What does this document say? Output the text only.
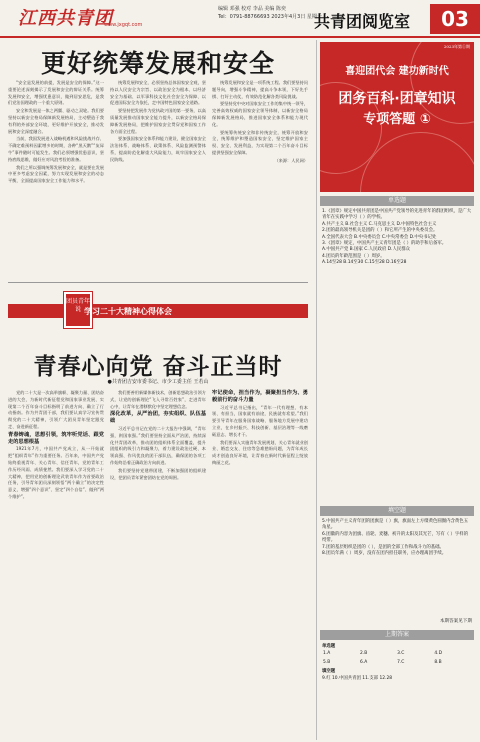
江西共青团
www.jxgqt.com
编辑 邓强 校对 李品 美编 陈奕
Tel：0791-88766693 2023年4月3日 星期一
共青团阅览室	03
更好统筹发展和安全

“安全是发展的前提，发展是安全的保障。”这一重要论述深刻揭示了发展和安全的辩证关系。统筹发展和安全，增强忧患意识，做到居安思危，是我们党治国理政的一个重大原则。

安全和发展是一体之两翼、驱动之双轮。我们要坚持以新安全格局保障新发展格局，主动塑造于我有利的外部安全环境，更好维护开放安全，推动发展和安全深度融合。

当前，我国发展进入战略机遇和风险挑战并存、不确定难预料因素增多的时期，各种“黑天鹅”“灰犀牛”事件随时可能发生。我们必须增强忧患意识，坚持底线思维，做好应对风浪考验的准备。

我们之所以强调统筹发展和安全，就是要在发展中更多考虑安全因素，努力实现发展和安全的动态平衡，全面提高国家安全工作能力和水平。

统筹发展和安全，必须坚持总体国家安全观，坚持以人民安全为宗旨、以政治安全为根本、以经济安全为基础、以军事科技文化社会安全为保障、以促进国际安全为依托，走中国特色国家安全道路。

要坚持把发展作为党执政兴国的第一要务，以高质量发展推动国家安全能力提升，以新安全格局保障新发展格局，把维护国家安全贯穿党和国家工作各方面全过程。

要加强国家安全体系和能力建设，健全国家安全法治体系、战略体系、政策体系、风险监测预警体系，提高防范化解重大风险能力，筑牢国家安全人民防线。

统筹发展和安全是一项系统工程。我们要坚持问题导向，增强斗争精神，提高斗争本领，下好先手棋、打好主动仗，有效防范化解各类风险挑战。

要坚持党中央对国家安全工作的集中统一领导，完善高效权威的国家安全领导体制，以新安全格局保障新发展格局，推进国家安全体系和能力现代化。

要统筹传统安全和非传统安全，统筹开放和安全，统筹维护和塑造国家安全，坚定维护国家主权、安全、发展利益，为实现第二个百年奋斗目标提供坚强安全保障。

（来源：人民网）

团员青年说 学习二十大精神心得体会
青春心向党 奋斗正当时
●共青团吉安市委书记、市少工委主任 王若山

党的二十大是一次高举旗帜、凝聚力量、团结奋进的大会，为新时代新征程党和国家事业发展、实现第二个百年奋斗目标指明了前进方向、确立了行动指南。作为共青团干部，我们要认真学习宣传贯彻党的二十大精神，引领广大团员青年坚定跟党走、奋进新征程。

青春铸魂，思想引领，筑牢听党话、跟党走的思想根基

1921年7月，中国共产党成立，从一开始就把“组织青年”作为重要任务。百年来，中国共产党始终重视青年、关心青年、信任青年，党的青年工作历经风雨、成绩斐然。我们要深入学习党的二十大精神，把用党的创新理论武装青年作为首要政治任务，引导青年团员深刻领悟“两个确立”的决定性意义，增强“四个意识”、坚定“四个自信”、做到“两个维护”。

我们要善用新媒体新技术，创新思想政治引领方式，让党的创新理论“飞入寻常百姓家”，走进青年心中，让青年在潜移默化中坚定理想信念。

深化改革，从严治团，夯实组织、队伍基础

习近平总书记在党的二十大报告中强调，“青年强，则国家强。”我们要坚持全面从严治团，持续深化共青团改革，推动团的组织体系全面覆盖，提升团组织的吸引力和凝聚力，着力建设政治过硬、本领高强、作风优良的团干部队伍，确保团的各项工作始终沿着正确政治方向前进。

我们要坚持党建带团建，不断加强团的组织建设，把团员青年紧密团结在党的周围。

牢记使命，担当作为，凝聚担当作为、勇毅前行的奋斗力量

习近平总书记指出，“青年一代有理想、有本领、有担当，国家就有前途，民族就有希望。”我们要引导青年在服务国家战略、服务地方发展中建功立业，在乡村振兴、科技创新、基层治理等一线磨砺意志、增长才干。

我们要深入实施青年发展规划，关心青年就业创业、婚恋交友、住房等急难愁盼问题，为青年成长成才创造良好环境，让青春在新时代新征程上绽放绚丽之花。

2023年第①期
喜迎团代会 建功新时代
团务百科·团章知识
专项答题 ①
单选题
1.《团章》规定中国共青团是中国共产党领导的先进青年的群团组织，是广大青年在实践中学习（ ）的学校。
A.共产主义 B.社会主义 C.马克思主义 D.中国特色社会主义
2.团的最高领导机关是团的（ ）和它所产生的中央委员会。
A.全国代表大会 B.中央委员会 C.中央常委会 D.中央书记处
3.《团章》规定，中国共产主义青年团是（ ）的助手和后备军。
A.中国共产党 B.国家 C.人民政府 D.人民群众
4.团员的年龄范围是（ ）周岁。
A.14至28 B.14至30 C.15至28 D.16至28
填空题
5.中国共产主义青年团的团旗是（ ）旗，旗面左上方缀黄色圆圈内含黄色五角星。
6.团徽的内容为团旗、齿轮、麦穗、初升的太阳及其光芒，写有（ ）字样的绶带。
7.团的基层组织是团的（ ），是团的全部工作和战斗力的基础。
8.团员年满（ ）周岁，没有在团内担任职务，应办理离团手续。
本期答案见下期
上期答案
单选题
1.A	2.B	3.C	4.D
5.B	6.A	7.C	8.B
填空题
9.红 10.中国共青团 11.支部 12.28
